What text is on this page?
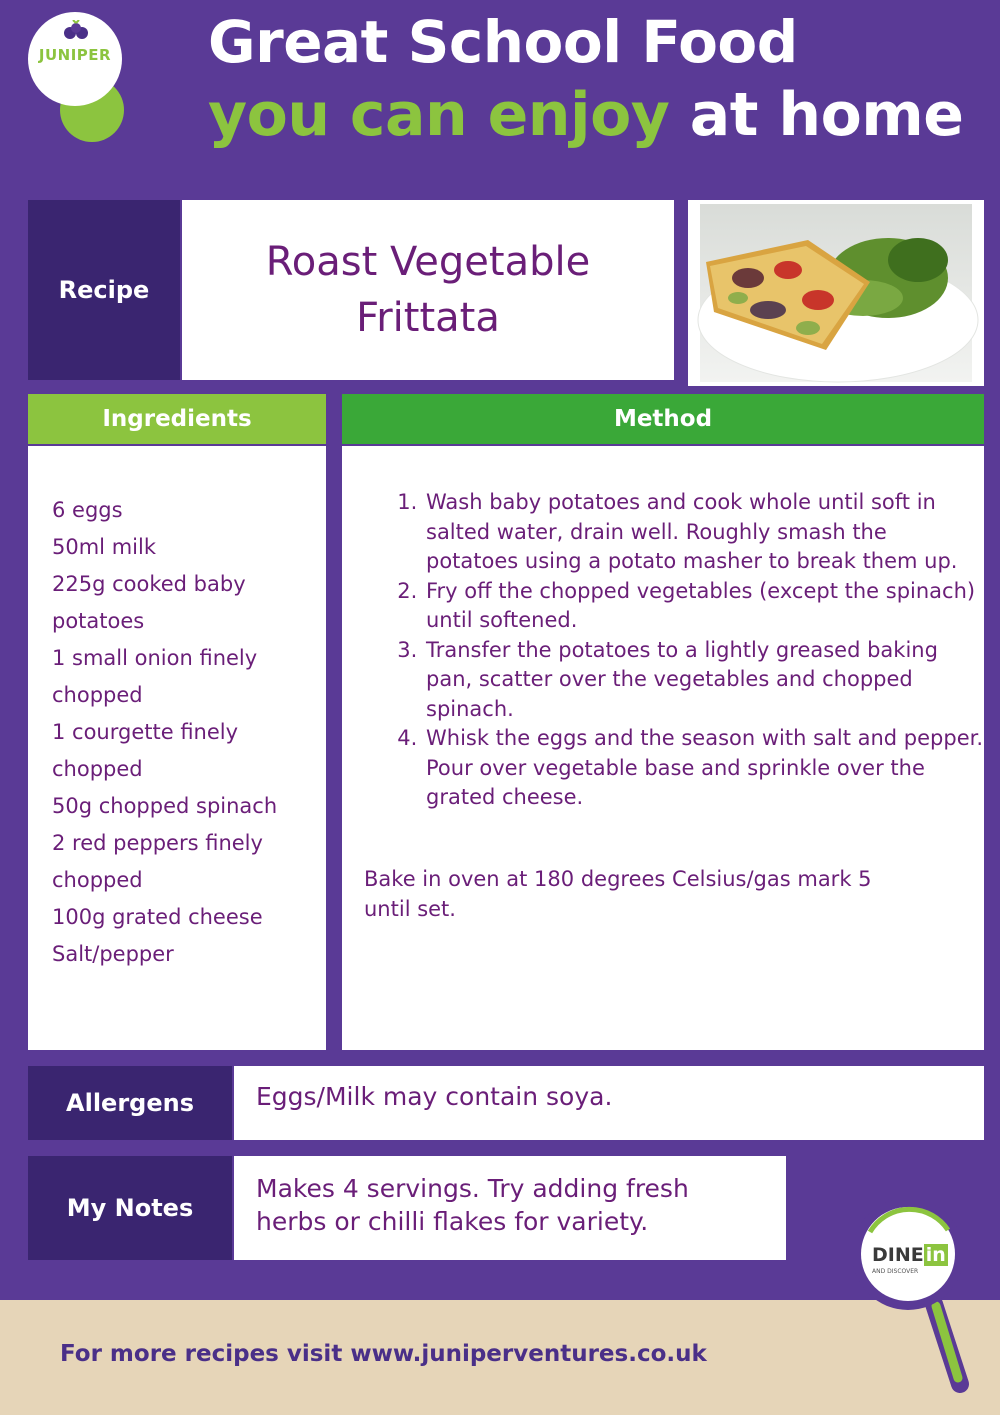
JUNIPER Great School Food
you can enjoy at home
Recipe
Roast Vegetable Frittata
Ingredients
6 eggs
50ml milk
225g cooked baby potatoes
1 small onion finely chopped
1 courgette finely chopped
50g chopped spinach
2 red peppers finely chopped
100g grated cheese
Salt/pepper
Method
1. Wash baby potatoes and cook whole until soft in salted water, drain well. Roughly smash the potatoes using a potato masher to break them up.
2. Fry off the chopped vegetables (except the spinach) until softened.
3. Transfer the potatoes to a lightly greased baking pan, scatter over the vegetables and chopped spinach.
4. Whisk the eggs and the season with salt and pepper. Pour over vegetable base and sprinkle over the grated cheese.
Bake in oven at 180 degrees Celsius/gas mark 5 until set.
Allergens	Eggs/Milk may contain soya.
My Notes
Makes 4 servings. Try adding fresh herbs or chilli flakes for variety.
For more recipes visit www.juniperventures.co.uk
DINE in
AND DISCOVER
